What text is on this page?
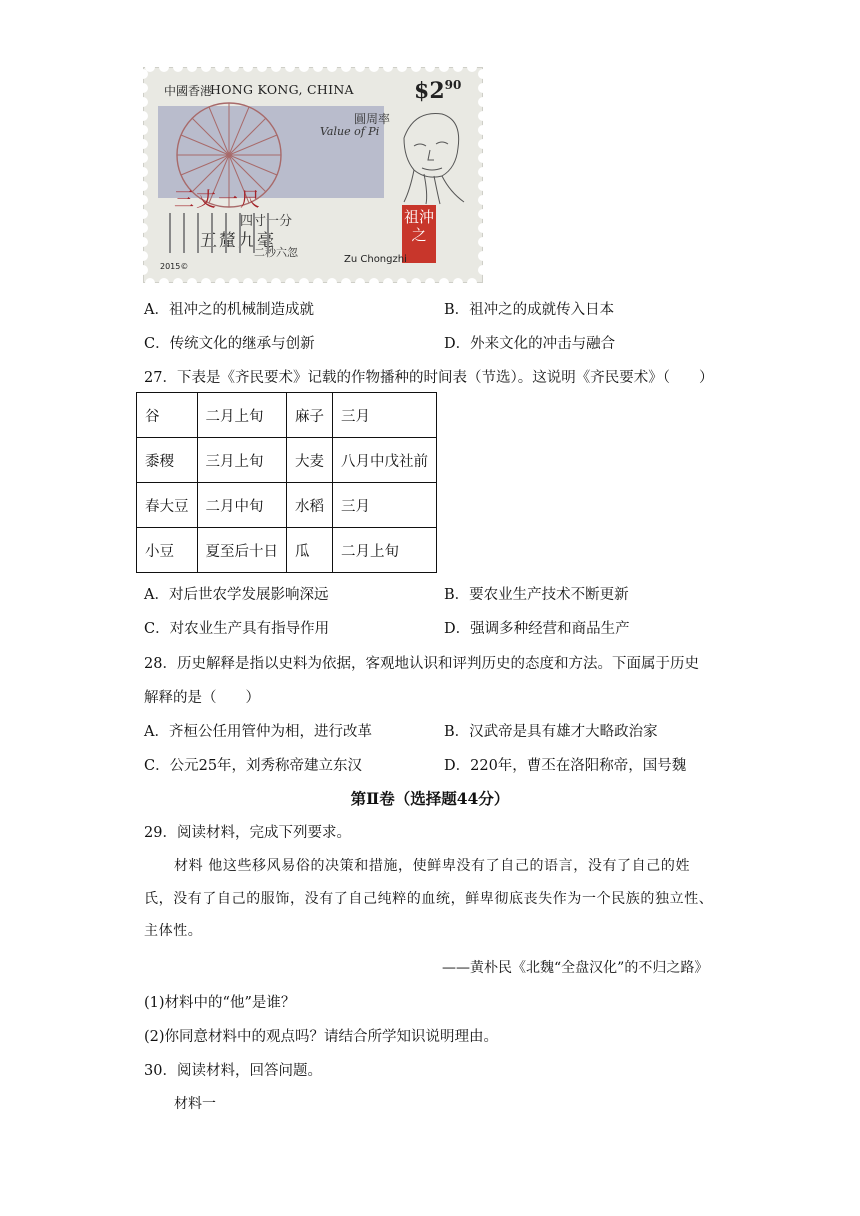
中國香港
HONG KONG, CHINA	$\$2^{90}$
圓周率
Value of Pi
三丈一尺
四寸一分
五釐九毫
二秒六忽
祖沖之
Zu Chongzhi
2015©
A．祖冲之的机械制造成就	B．祖冲之的成就传入日本
C．传统文化的继承与创新	D．外来文化的冲击与融合
27．下表是《齐民要术》记载的作物播种的时间表（节选）。这说明《齐民要术》（　　）
谷	二月上旬	麻子	三月
黍稷	三月上旬	大麦	八月中戊社前
春大豆	二月中旬	水稻	三月
小豆	夏至后十日	瓜	二月上旬
A．对后世农学发展影响深远	B．要农业生产技术不断更新
C．对农业生产具有指导作用	D．强调多种经营和商品生产
28．历史解释是指以史料为依据，客观地认识和评判历史的态度和方法。下面属于历史
解释的是（　　）
A．齐桓公任用管仲为相，进行改革	B．汉武帝是具有雄才大略政治家
C．公元25年，刘秀称帝建立东汉	D．220年，曹丕在洛阳称帝，国号魏
第Ⅱ卷（选择题44分）
29．阅读材料，完成下列要求。
材料 他这些移风易俗的决策和措施，使鲜卑没有了自己的语言，没有了自己的姓
氏，没有了自己的服饰，没有了自己纯粹的血统，鲜卑彻底丧失作为一个民族的独立性、
主体性。
——黄朴民《北魏“全盘汉化”的不归之路》
(1)材料中的“他”是谁？
(2)你同意材料中的观点吗？请结合所学知识说明理由。
30．阅读材料，回答问题。
材料一
